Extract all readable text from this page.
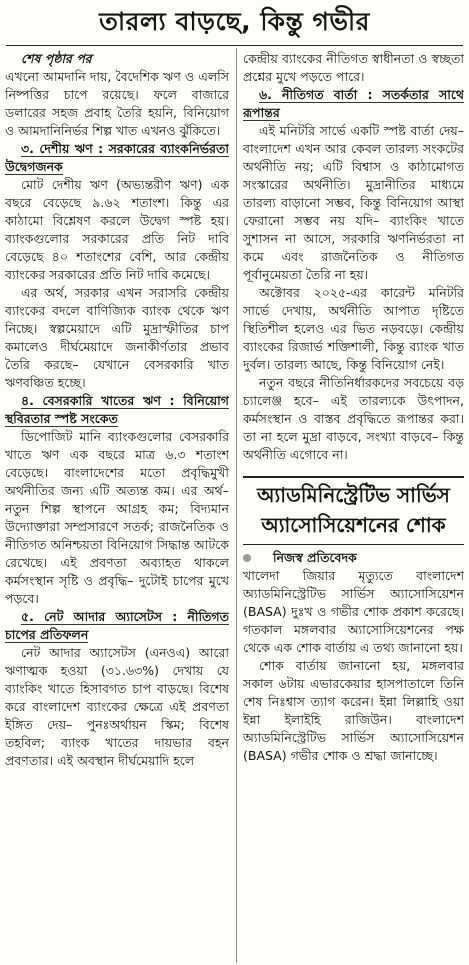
তারল্য বাড়ছে, কিন্তু গভীর

শেষ পৃষ্ঠার পর

এখনো আমদানি দায়, বৈদেশিক ঋণ ও এলসি নিষ্পত্তির চাপে রয়েছে। ফলে বাজারে ডলারের সহজ প্রবাহ তৈরি হয়নি, বিনিয়োগ ও আমদানিনির্ভর শিল্প খাত এখনও ঝুঁকিতে।

৩. দেশীয় ঋণ : সরকারের ব্যাংকনির্ভরতা উদ্বেগজনক

মোট দেশীয় ঋণ (অভ্যন্তরীণ ঋণ) এক বছরে বেড়েছে ৯.৬২ শতাংশ। কিন্তু এর কাঠামো বিশ্লেষণ করলে উদ্বেগ স্পষ্ট হয়। ব্যাংকগুলোর সরকারের প্রতি নিট দাবি বেড়েছে ৪০ শতাংশের বেশি, আর কেন্দ্রীয় ব্যাংকের সরকারের প্রতি নিট দাবি কমেছে।

এর অর্থ, সরকার এখন সরাসরি কেন্দ্রীয় ব্যাংকের বদলে বাণিজ্যিক ব্যাংক থেকে ঋণ নিচ্ছে। স্বল্পমেয়াদে এটি মুদ্রাস্ফীতির চাপ কমালেও দীর্ঘমেয়াদে জনাকীর্ণতার প্রভাব তৈরি করছে– যেখানে বেসরকারি খাত ঋণবঞ্চিত হচ্ছে।

৪. বেসরকারি খাতের ঋণ : বিনিয়োগ স্থবিরতার স্পষ্ট সংকেত

ডিপোজিট মানি ব্যাংকগুলোর বেসরকারি খাতে ঋণ এক বছরে মাত্র ৬.৩ শতাংশ বেড়েছে। বাংলাদেশের মতো প্রবৃদ্ধিমুখী অর্থনীতির জন্য এটি অত্যন্ত কম। এর অর্থ– নতুন শিল্প স্থাপনে আগ্রহ কম; বিদ্যমান উদ্যোক্তারা সম্প্রসারণে সতর্ক; রাজনৈতিক ও নীতিগত অনিশ্চয়তা বিনিয়োগ সিদ্ধান্ত আটকে রেখেছে। এই প্রবণতা অব্যাহত থাকলে কর্মসংস্থান সৃষ্টি ও প্রবৃদ্ধি– দুটোই চাপের মুখে পড়বে।

৫. নেট আদার অ্যাসেটস : নীতিগত চাপের প্রতিফলন

নেট আদার অ্যাসেটস (এনওএ) আরো ঋণাত্মক হওয়া (৩১.৬৩%) দেখায় যে ব্যাংকিং খাতে হিসাবগত চাপ বাড়ছে। বিশেষ করে বাংলাদেশ ব্যাংকের ক্ষেত্রে এই প্রবণতা ইঙ্গিত দেয়– পুনঃঅর্থায়ন স্কিম; বিশেষ তহবিল; ব্যাংক খাতের দায়ভার বহন প্রবণতার। এই অবস্থান দীর্ঘমেয়াদি হলে

কেন্দ্রীয় ব্যাংকের নীতিগত স্বাধীনতা ও স্বচ্ছতা প্রশ্নের মুখে পড়তে পারে।

৬. নীতিগত বার্তা : সতর্কতার সাথে রূপান্তর

এই মনিটরি সার্ভে একটি স্পষ্ট বার্তা দেয়– বাংলাদেশ এখন আর কেবল তারল্য সংকটের অর্থনীতি নয়; এটি বিশ্বাস ও কাঠামোগত সংস্কারের অর্থনীতি। মুদ্রানীতির মাধ্যমে তারল্য বাড়ানো সম্ভব, কিন্তু বিনিয়োগ আস্থা ফেরানো সম্ভব নয় যদি– ব্যাংকিং খাতে সুশাসন না আসে, সরকারি ঋণনির্ভরতা না কমে এবং রাজনৈতিক ও নীতিগত পূর্বানুমেয়তা তৈরি না হয়।

অক্টোবর ২০২৫-এর কারেন্ট মনিটরি সার্ভে দেখায়, অর্থনীতি আপাত দৃষ্টিতে স্থিতিশীল হলেও এর ভিত নড়বড়ে। কেন্দ্রীয় ব্যাংকের রিজার্ভ শক্তিশালী, কিন্তু ব্যাংক খাত দুর্বল। তারল্য আছে, কিন্তু বিনিয়োগ নেই।

নতুন বছরে নীতিনির্ধারকদের সবচেয়ে বড় চ্যালেঞ্জ হবে– এই তারল্যকে উৎপাদন, কর্মসংস্থান ও বাস্তব প্রবৃদ্ধিতে রূপান্তর করা। তা না হলে মুদ্রা বাড়বে, সংখ্যা বাড়বে– কিন্তু অর্থনীতি এগোবে না।

অ্যাডমিনিস্ট্রেটিভ সার্ভিস অ্যাসোসিয়েশনের শোক

নিজস্ব প্রতিবেদক

খালেদা জিয়ার মৃত্যুতে বাংলাদেশ অ্যাডমিনিস্ট্রেটিভ সার্ভিস অ্যাসোসিয়েশন (BASA) দুঃখ ও গভীর শোক প্রকাশ করেছে। গতকাল মঙ্গলবার অ্যাসোসিয়েশনের পক্ষ থেকে এক শোক বার্তায় এ তথ্য জানানো হয়।

শোক বার্তায় জানানো হয়, মঙ্গলবার সকাল ৬টায় এভারকেয়ার হাসপাতালে তিনি শেষ নিঃশ্বাস ত্যাগ করেন। ইন্না লিল্লাহি ওয়া ইন্না ইলাইহি রাজিউন। বাংলাদেশ অ্যাডমিনিস্ট্রেটিভ সার্ভিস অ্যাসোসিয়েশন (BASA) গভীর শোক ও শ্রদ্ধা জানাচ্ছে।
